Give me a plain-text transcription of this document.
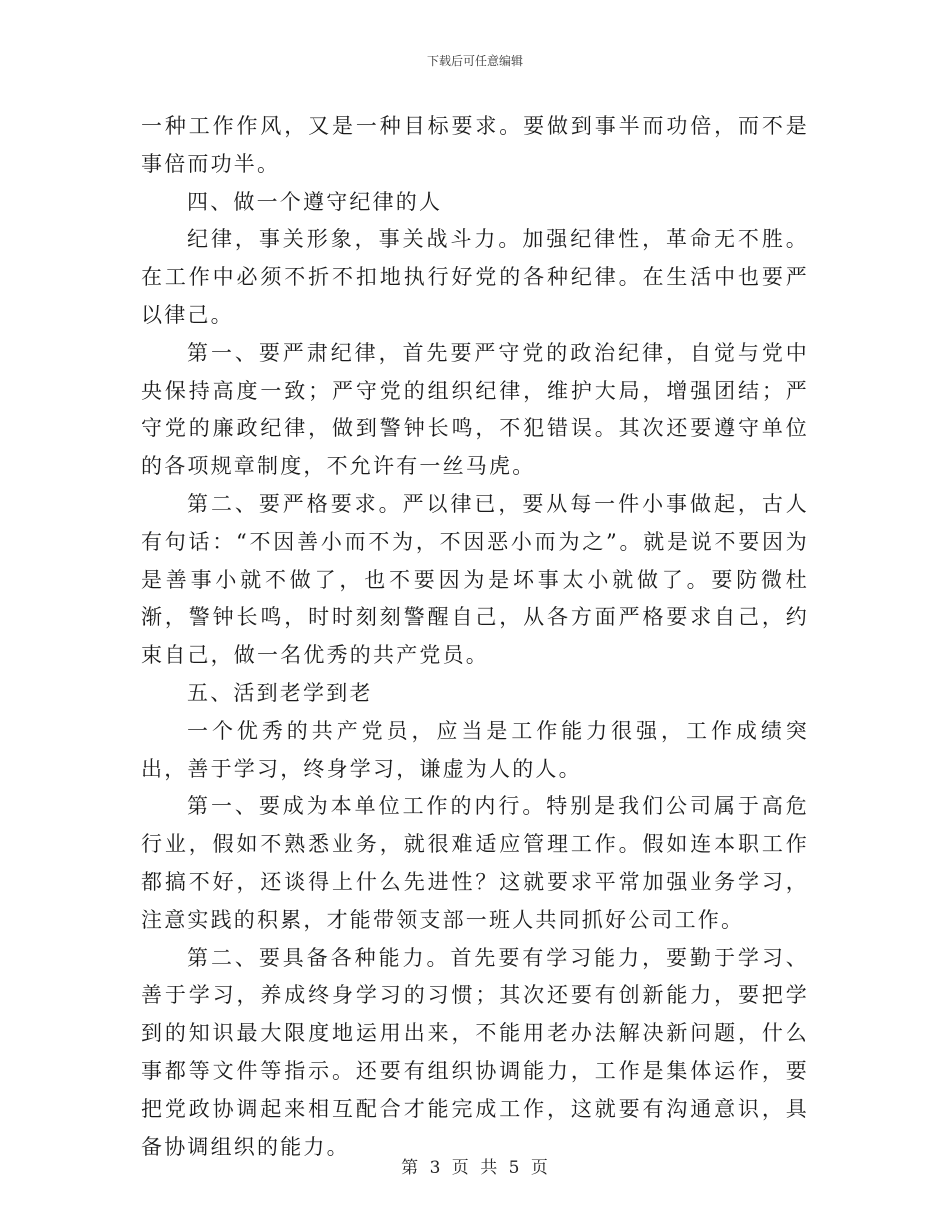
下载后可任意编辑

一种工作作风，又是一种目标要求。要做到事半而功倍，而不是事倍而功半。

四、做一个遵守纪律的人

纪律，事关形象，事关战斗力。加强纪律性，革命无不胜。在工作中必须不折不扣地执行好党的各种纪律。在生活中也要严以律己。

第一、要严肃纪律，首先要严守党的政治纪律，自觉与党中央保持高度一致；严守党的组织纪律，维护大局，增强团结；严守党的廉政纪律，做到警钟长鸣，不犯错误。其次还要遵守单位的各项规章制度，不允许有一丝马虎。

第二、要严格要求。严以律已，要从每一件小事做起，古人有句话：“不因善小而不为，不因恶小而为之”。就是说不要因为是善事小就不做了，也不要因为是坏事太小就做了。要防微杜渐，警钟长鸣，时时刻刻警醒自己，从各方面严格要求自己，约束自己，做一名优秀的共产党员。

五、活到老学到老

一个优秀的共产党员，应当是工作能力很强，工作成绩突出，善于学习，终身学习，谦虚为人的人。

第一、要成为本单位工作的内行。特别是我们公司属于高危行业，假如不熟悉业务，就很难适应管理工作。假如连本职工作都搞不好，还谈得上什么先进性？这就要求平常加强业务学习，注意实践的积累，才能带领支部一班人共同抓好公司工作。

第二、要具备各种能力。首先要有学习能力，要勤于学习、善于学习，养成终身学习的习惯；其次还要有创新能力，要把学到的知识最大限度地运用出来，不能用老办法解决新问题，什么事都等文件等指示。还要有组织协调能力，工作是集体运作，要把党政协调起来相互配合才能完成工作，这就要有沟通意识，具备协调组织的能力。

第 3 页 共 5 页
